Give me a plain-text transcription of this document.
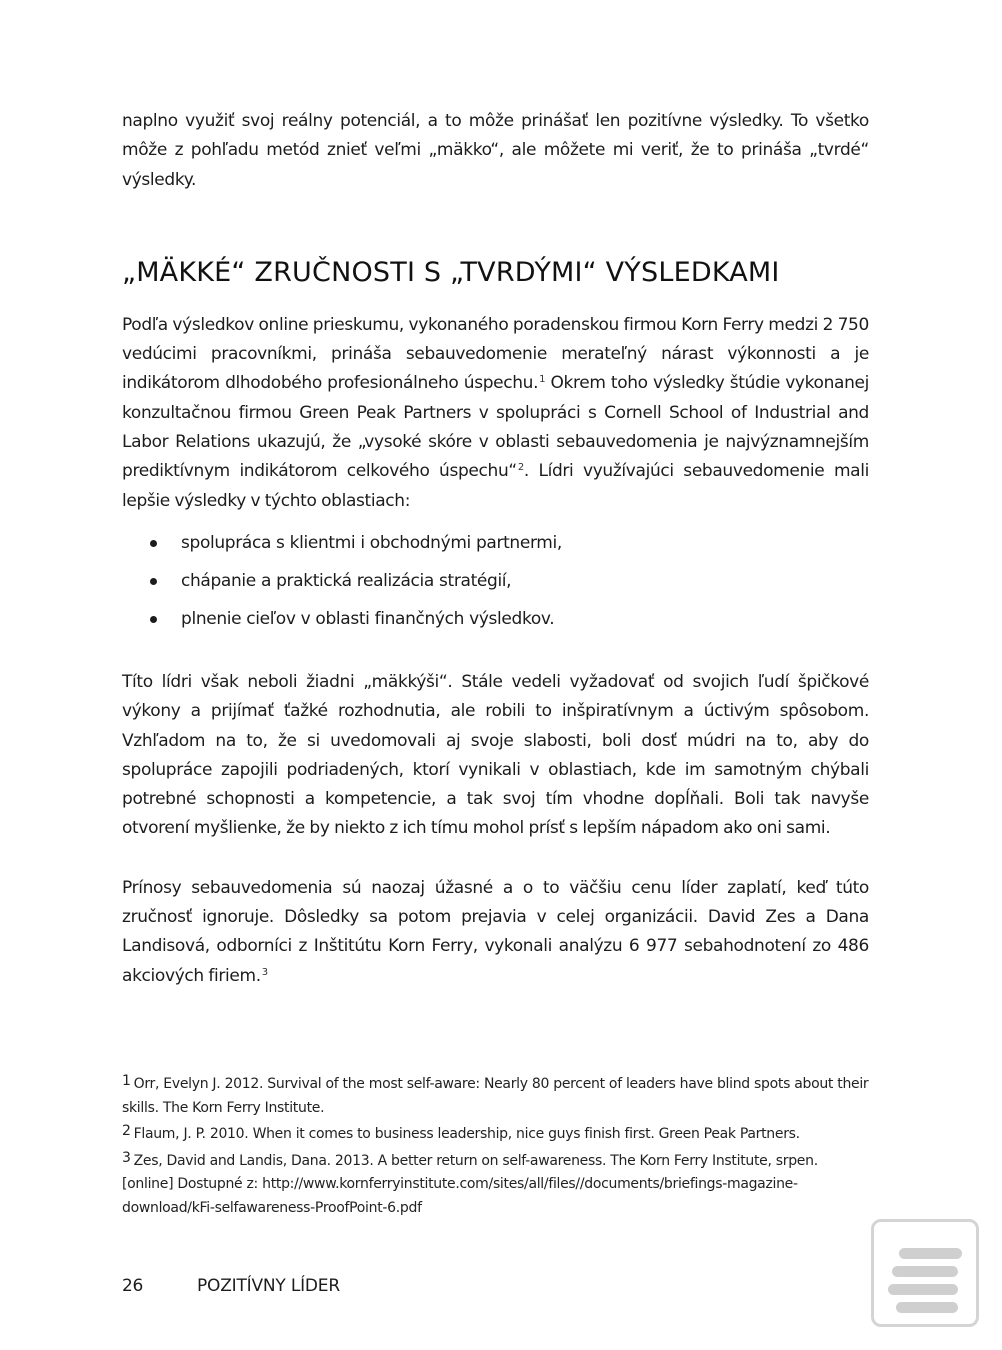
naplno využiť svoj reálny potenciál, a to môže prinášať len pozitívne výsledky. To všetko môže z pohľadu metód znieť veľmi „mäkko“, ale môžete mi veriť, že to prináša „tvrdé“ výsledky.

„MÄKKÉ“ ZRUČNOSTI S „TVRDÝMI“ VÝSLEDKAMI

Podľa výsledkov online prieskumu, vykonaného poradenskou firmou Korn Ferry medzi 2 750 vedúcimi pracovníkmi, prináša sebauvedomenie merateľný nárast výkonnosti a je indikátorom dlhodobého profesionálneho úspechu.$^1$ Okrem toho výsledky štúdie vykonanej konzultačnou firmou Green Peak Partners v spolupráci s Cornell School of Industrial and Labor Relations ukazujú, že „vysoké skóre v oblasti sebauvedomenia je najvýznamnejším prediktívnym indikátorom celkového úspechu“$^2$. Lídri využívajúci sebauvedomenie mali lepšie výsledky v týchto oblastiach:

spolupráca s klientmi i obchodnými partnermi,
chápanie a praktická realizácia stratégií,
plnenie cieľov v oblasti finančných výsledkov.

Títo lídri však neboli žiadni „mäkkýši“. Stále vedeli vyžadovať od svojich ľudí špičkové výkony a prijímať ťažké rozhodnutia, ale robili to inšpiratívnym a úctivým spôsobom. Vzhľadom na to, že si uvedomovali aj svoje slabosti, boli dosť múdri na to, aby do spolupráce zapojili podriadených, ktorí vynikali v oblastiach, kde im samotným chýbali potrebné schopnosti a kompetencie, a tak svoj tím vhodne dopĺňali. Boli tak navyše otvorení myšlienke, že by niekto z ich tímu mohol prísť s lepším nápadom ako oni sami.

Prínosy sebauvedomenia sú naozaj úžasné a o to väčšiu cenu líder zaplatí, keď túto zručnosť ignoruje. Dôsledky sa potom prejavia v celej organizácii. David Zes a Dana Landisová, odborníci z Inštitútu Korn Ferry, vykonali analýzu 6 977 sebahodnotení zo 486 akciových firiem.$^3$

1 Orr, Evelyn J. 2012. Survival of the most self-aware: Nearly 80 percent of leaders have blind spots about their skills. The Korn Ferry Institute.

2 Flaum, J. P. 2010. When it comes to business leadership, nice guys finish first. Green Peak Partners.

3 Zes, David and Landis, Dana. 2013. A better return on self-awareness. The Korn Ferry Institute, srpen. [online] Dostupné z: http://www.kornferryinstitute.com/sites/all/files//documents/briefings-magazine-download/kFi-selfawareness-ProofPoint-6.pdf

26	POZITÍVNY LÍDER
